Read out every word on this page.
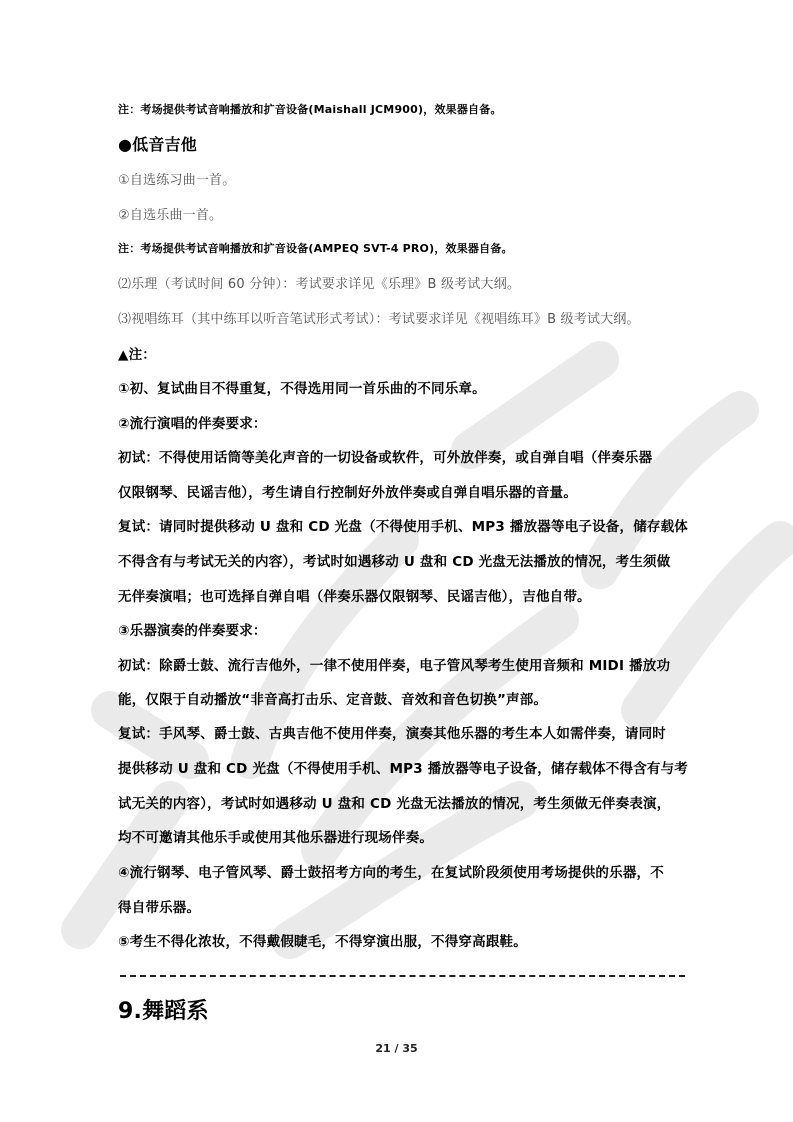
注：考场提供考试音响播放和扩音设备(Maishall JCM900)，效果器自备。
●低音吉他
①自选练习曲一首。
②自选乐曲一首。
注：考场提供考试音响播放和扩音设备(AMPEQ SVT-4 PRO)，效果器自备。
⑵乐理（考试时间 60 分钟）：考试要求详见《乐理》B 级考试大纲。
⑶视唱练耳（其中练耳以听音笔试形式考试）：考试要求详见《视唱练耳》B 级考试大纲。
▲注：
①初、复试曲目不得重复，不得选用同一首乐曲的不同乐章。
②流行演唱的伴奏要求：
初试：不得使用话筒等美化声音的一切设备或软件，可外放伴奏，或自弹自唱（伴奏乐器
仅限钢琴、民谣吉他），考生请自行控制好外放伴奏或自弹自唱乐器的音量。
复试：请同时提供移动 U 盘和 CD 光盘（不得使用手机、MP3 播放器等电子设备，储存载体
不得含有与考试无关的内容），考试时如遇移动 U 盘和 CD 光盘无法播放的情况，考生须做
无伴奏演唱；也可选择自弹自唱（伴奏乐器仅限钢琴、民谣吉他），吉他自带。
③乐器演奏的伴奏要求：
初试：除爵士鼓、流行吉他外，一律不使用伴奏，电子管风琴考生使用音频和 MIDI 播放功
能，仅限于自动播放“非音高打击乐、定音鼓、音效和音色切换”声部。
复试：手风琴、爵士鼓、古典吉他不使用伴奏，演奏其他乐器的考生本人如需伴奏，请同时
提供移动 U 盘和 CD 光盘（不得使用手机、MP3 播放器等电子设备，储存载体不得含有与考
试无关的内容），考试时如遇移动 U 盘和 CD 光盘无法播放的情况，考生须做无伴奏表演，
均不可邀请其他乐手或使用其他乐器进行现场伴奏。
④流行钢琴、电子管风琴、爵士鼓招考方向的考生，在复试阶段须使用考场提供的乐器，不
得自带乐器。
⑤考生不得化浓妆，不得戴假睫毛，不得穿演出服，不得穿高跟鞋。
9.舞蹈系
21 / 35
